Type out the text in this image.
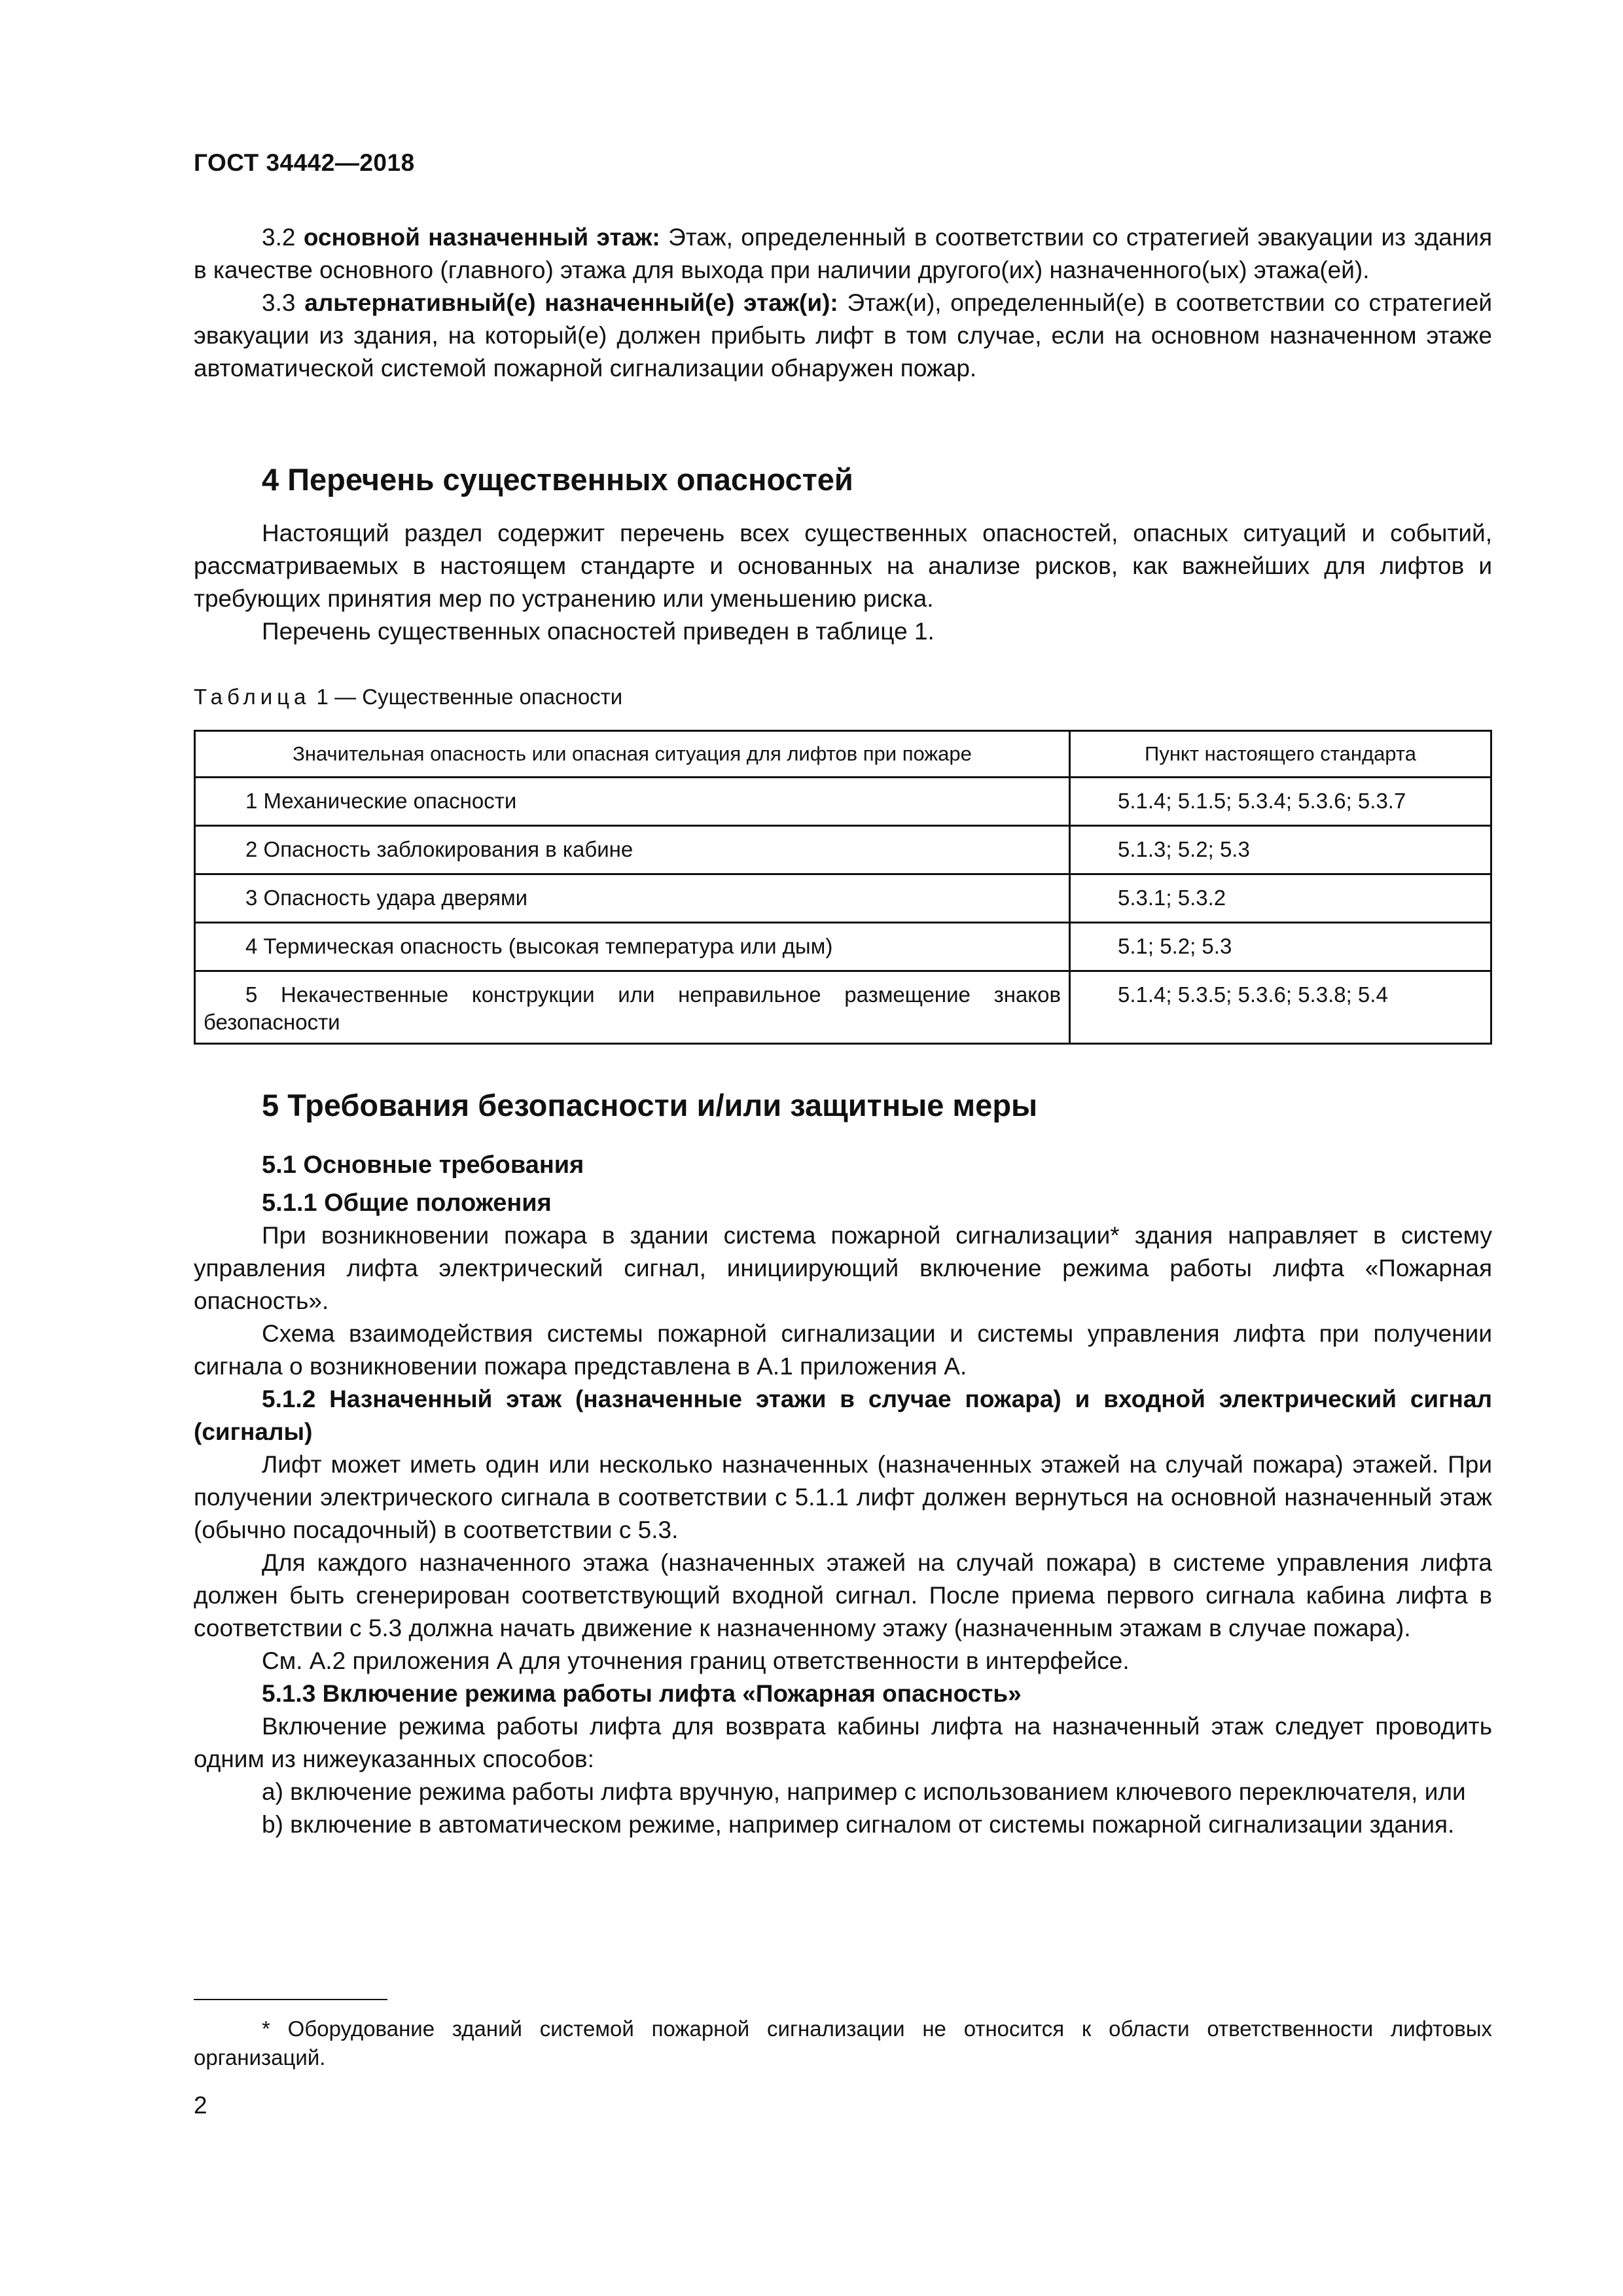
ГОСТ 34442—2018

3.2 основной назначенный этаж: Этаж, определенный в соответствии со стратегией эвакуации из здания в качестве основного (главного) этажа для выхода при наличии другого(их) назначенного(ых) этажа(ей).

3.3 альтернативный(е) назначенный(е) этаж(и): Этаж(и), определенный(е) в соответствии со стратегией эвакуации из здания, на который(е) должен прибыть лифт в том случае, если на основном назначенном этаже автоматической системой пожарной сигнализации обнаружен пожар.

4 Перечень существенных опасностей

Настоящий раздел содержит перечень всех существенных опасностей, опасных ситуаций и событий, рассматриваемых в настоящем стандарте и основанных на анализе рисков, как важнейших для лифтов и требующих принятия мер по устранению или уменьшению риска.

Перечень существенных опасностей приведен в таблице 1.

Таблица 1 — Существенные опасности
Значительная опасность или опасная ситуация для лифтов при пожаре	Пункт настоящего стандарта
1 Механические опасности	5.1.4; 5.1.5; 5.3.4; 5.3.6; 5.3.7
2 Опасность заблокирования в кабине	5.1.3; 5.2; 5.3
3 Опасность удара дверями	5.3.1; 5.3.2
4 Термическая опасность (высокая температура или дым)	5.1; 5.2; 5.3
5 Некачественные конструкции или неправильное размещение знаков безопасности	5.1.4; 5.3.5; 5.3.6; 5.3.8; 5.4
5 Требования безопасности и/или защитные меры
5.1 Основные требования
5.1.1 Общие положения

При возникновении пожара в здании система пожарной сигнализации* здания направляет в систему управления лифта электрический сигнал, инициирующий включение режима работы лифта «Пожарная опасность».

Схема взаимодействия системы пожарной сигнализации и системы управления лифта при получении сигнала о возникновении пожара представлена в А.1 приложения А.

5.1.2 Назначенный этаж (назначенные этажи в случае пожара) и входной электрический сигнал (сигналы)

Лифт может иметь один или несколько назначенных (назначенных этажей на случай пожара) этажей. При получении электрического сигнала в соответствии с 5.1.1 лифт должен вернуться на основной назначенный этаж (обычно посадочный) в соответствии с 5.3.

Для каждого назначенного этажа (назначенных этажей на случай пожара) в системе управления лифта должен быть сгенерирован соответствующий входной сигнал. После приема первого сигнала кабина лифта в соответствии с 5.3 должна начать движение к назначенному этажу (назначенным этажам в случае пожара).

См. А.2 приложения А для уточнения границ ответственности в интерфейсе.

5.1.3 Включение режима работы лифта «Пожарная опасность»

Включение режима работы лифта для возврата кабины лифта на назначенный этаж следует проводить одним из нижеуказанных способов:

a) включение режима работы лифта вручную, например с использованием ключевого переключателя, или

b) включение в автоматическом режиме, например сигналом от системы пожарной сигнализации здания.

* Оборудование зданий системой пожарной сигнализации не относится к области ответственности лифтовых организаций.
2
